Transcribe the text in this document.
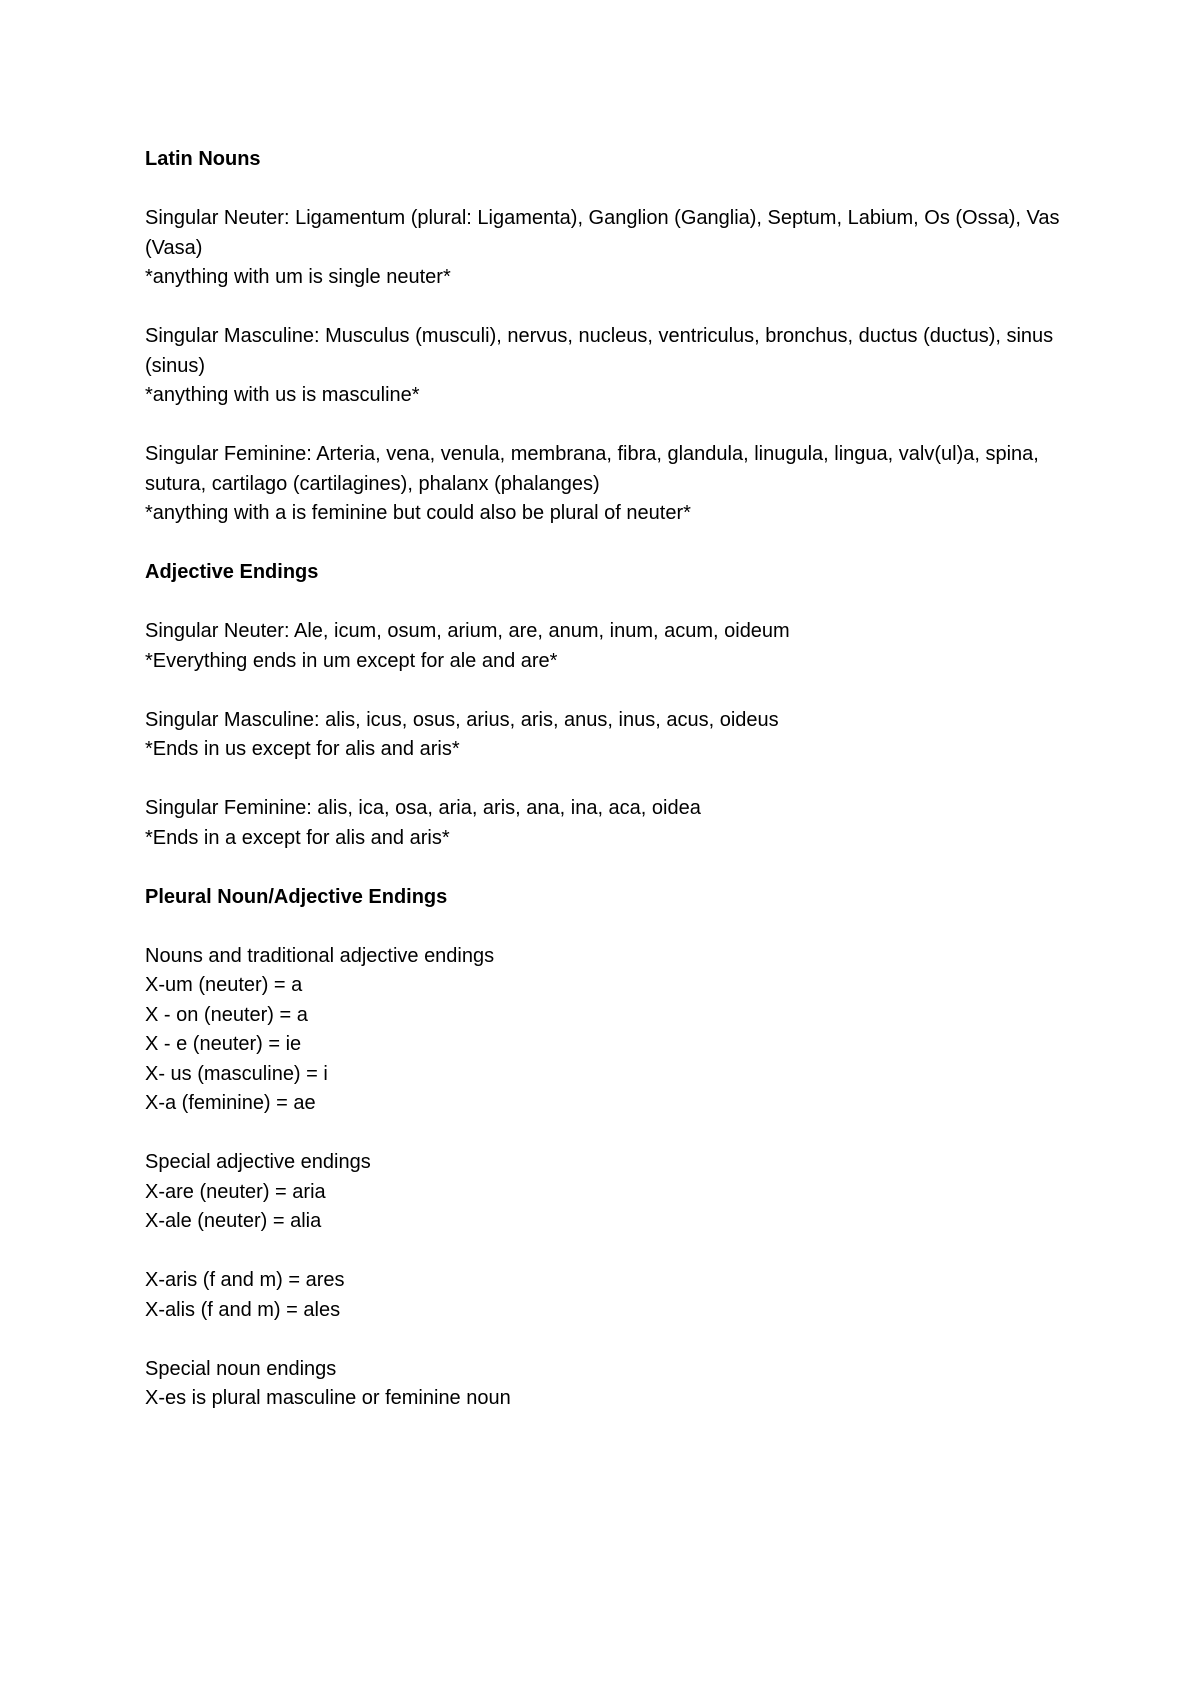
Latin Nouns
Singular Neuter: Ligamentum (plural: Ligamenta), Ganglion (Ganglia), Septum, Labium, Os (Ossa), Vas (Vasa)
*anything with um is single neuter*
Singular Masculine: Musculus (musculi), nervus, nucleus, ventriculus, bronchus, ductus (ductus), sinus (sinus)
*anything with us is masculine*
Singular Feminine: Arteria, vena, venula, membrana, fibra, glandula, linugula, lingua, valv(ul)a, spina, sutura, cartilago (cartilagines), phalanx (phalanges)
*anything with a is feminine but could also be plural of neuter*
Adjective Endings
Singular Neuter: Ale, icum, osum, arium, are, anum, inum, acum, oideum
*Everything ends in um except for ale and are*
Singular Masculine: alis, icus, osus, arius, aris, anus, inus, acus, oideus
*Ends in us except for alis and aris*
Singular Feminine: alis, ica, osa, aria, aris, ana, ina, aca, oidea
*Ends in a except for alis and aris*
Pleural Noun/Adjective Endings
Nouns and traditional adjective endings
X-um (neuter) = a
X - on (neuter) = a
X - e (neuter) = ie
X- us (masculine) = i
X-a (feminine) = ae
Special adjective endings
X-are (neuter) = aria
X-ale (neuter) = alia
X-aris (f and m) = ares
X-alis (f and m) = ales
Special noun endings
X-es is plural masculine or feminine noun
